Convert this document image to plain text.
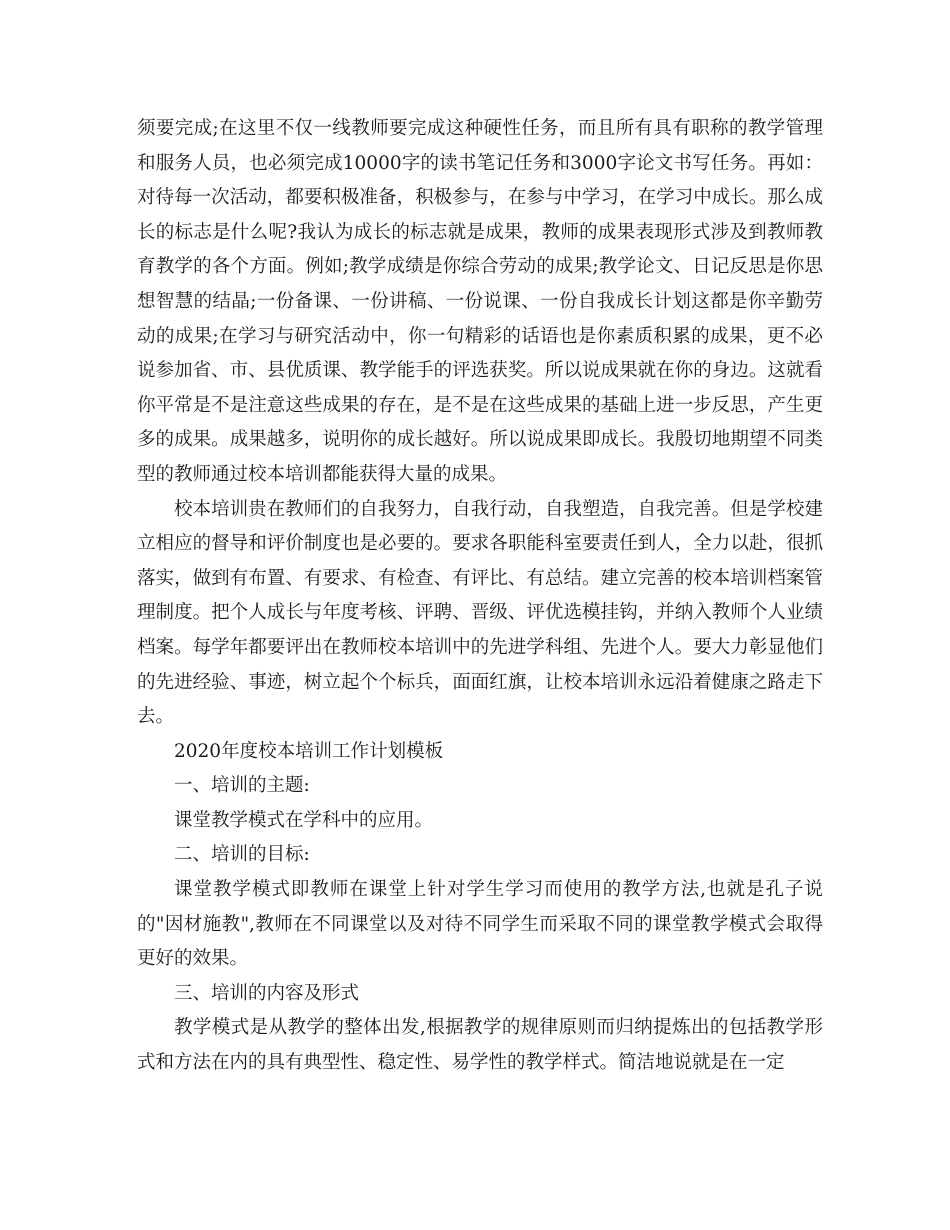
须要完成;在这里不仅一线教师要完成这种硬性任务，而且所有具有职称的教学管理和服务人员，也必须完成10000字的读书笔记任务和3000字论文书写任务。再如：对待每一次活动，都要积极准备，积极参与，在参与中学习，在学习中成长。那么成长的标志是什么呢?我认为成长的标志就是成果，教师的成果表现形式涉及到教师教育教学的各个方面。例如;教学成绩是你综合劳动的成果;教学论文、日记反思是你思想智慧的结晶;一份备课、一份讲稿、一份说课、一份自我成长计划这都是你辛勤劳动的成果;在学习与研究活动中，你一句精彩的话语也是你素质积累的成果，更不必说参加省、市、县优质课、教学能手的评选获奖。所以说成果就在你的身边。这就看你平常是不是注意这些成果的存在，是不是在这些成果的基础上进一步反思，产生更多的成果。成果越多，说明你的成长越好。所以说成果即成长。我殷切地期望不同类型的教师通过校本培训都能获得大量的成果。

校本培训贵在教师们的自我努力，自我行动，自我塑造，自我完善。但是学校建立相应的督导和评价制度也是必要的。要求各职能科室要责任到人，全力以赴，很抓落实，做到有布置、有要求、有检查、有评比、有总结。建立完善的校本培训档案管理制度。把个人成长与年度考核、评聘、晋级、评优选模挂钩，并纳入教师个人业绩档案。每学年都要评出在教师校本培训中的先进学科组、先进个人。要大力彰显他们的先进经验、事迹，树立起个个标兵，面面红旗，让校本培训永远沿着健康之路走下去。

2020年度校本培训工作计划模板

一、培训的主题:

课堂教学模式在学科中的应用。

二、培训的目标:

课堂教学模式即教师在课堂上针对学生学习而使用的教学方法,也就是孔子说的"因材施教",教师在不同课堂以及对待不同学生而采取不同的课堂教学模式会取得更好的效果。

三、培训的内容及形式

教学模式是从教学的整体出发,根据教学的规律原则而归纳提炼出的包括教学形式和方法在内的具有典型性、稳定性、易学性的教学样式。简洁地说就是在一定
